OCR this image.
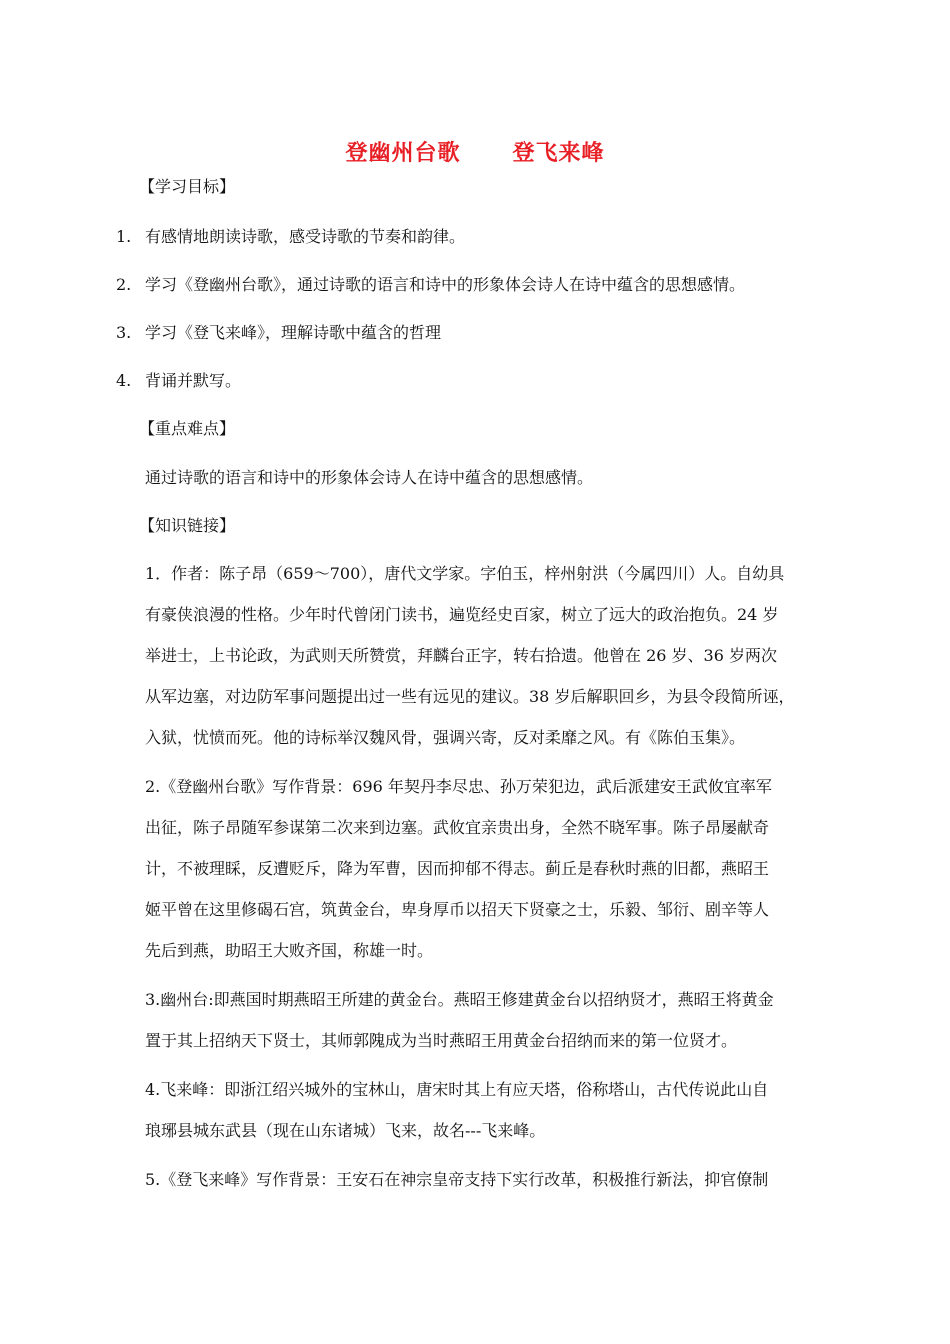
登幽州台歌 登飞来峰
【学习目标】
1. 有感情地朗读诗歌，感受诗歌的节奏和韵律。
2. 学习《登幽州台歌》，通过诗歌的语言和诗中的形象体会诗人在诗中蕴含的思想感情。
3. 学习《登飞来峰》，理解诗歌中蕴含的哲理
4. 背诵并默写。
【重点难点】
通过诗歌的语言和诗中的形象体会诗人在诗中蕴含的思想感情。
【知识链接】
1．作者：陈子昂（659～700），唐代文学家。字伯玉，梓州射洪（今属四川）人。自幼具
有豪侠浪漫的性格。少年时代曾闭门读书，遍览经史百家，树立了远大的政治抱负。24 岁
举进士，上书论政，为武则天所赞赏，拜麟台正字，转右拾遗。他曾在 26 岁、36 岁两次
从军边塞，对边防军事问题提出过一些有远见的建议。38 岁后解职回乡，为县令段简所诬，
入狱，忧愤而死。他的诗标举汉魏风骨，强调兴寄，反对柔靡之风。有《陈伯玉集》。
2.《登幽州台歌》写作背景：696 年契丹李尽忠、孙万荣犯边，武后派建安王武攸宜率军
出征，陈子昂随军参谋第二次来到边塞。武攸宜亲贵出身，全然不晓军事。陈子昂屡献奇
计，不被理睬，反遭贬斥，降为军曹，因而抑郁不得志。蓟丘是春秋时燕的旧都，燕昭王
姬平曾在这里修碣石宫，筑黄金台，卑身厚币以招天下贤豪之士，乐毅、邹衍、剧辛等人
先后到燕，助昭王大败齐国，称雄一时。
3.幽州台:即燕国时期燕昭王所建的黄金台。燕昭王修建黄金台以招纳贤才，燕昭王将黄金
置于其上招纳天下贤士，其师郭隗成为当时燕昭王用黄金台招纳而来的第一位贤才。
4.飞来峰：即浙江绍兴城外的宝林山，唐宋时其上有应天塔，俗称塔山，古代传说此山自
琅琊县城东武县（现在山东诸城）飞来，故名---飞来峰。
5.《登飞来峰》写作背景：王安石在神宗皇帝支持下实行改革，积极推行新法，抑官僚制
